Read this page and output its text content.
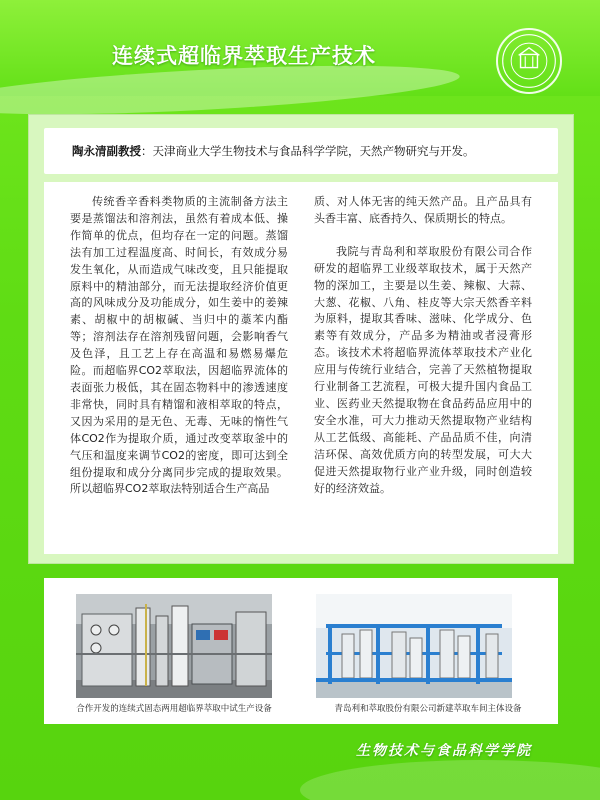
连续式超临界萃取生产技术
陶永清副教授 ：天津商业大学生物技术与食品科学学院，天然产物研究与开发。

传统香辛香料类物质的主流制备方法主要是蒸馏法和溶剂法，虽然有着成本低、操作简单的优点，但均存在一定的问题。蒸馏法有加工过程温度高、时间长，有效成分易发生氧化，从而造成气味改变，且只能提取原料中的精油部分，而无法提取经济价值更高的风味成分及功能成分，如生姜中的姜辣素、胡椒中的胡椒碱、当归中的藁苯内酯等；溶剂法存在溶剂残留问题，会影响香气及色泽，且工艺上存在高温和易燃易爆危险。而超临界CO2萃取法，因超临界流体的表面张力极低，其在固态物料中的渗透速度非常快，同时具有精馏和液相萃取的特点，又因为采用的是无色、无毒、无味的惰性气体CO2作为提取介质，通过改变萃取釜中的气压和温度来调节CO2的密度，即可达到全组份提取和成分分离同步完成的提取效果。所以超临界CO2萃取法特别适合生产高品

质、对人体无害的纯天然产品。且产品具有头香丰富、底香持久、保质期长的特点。

我院与青岛利和萃取股份有限公司合作研发的超临界工业级萃取技术，属于天然产物的深加工，主要是以生姜、辣椒、大蒜、大葱、花椒、八角、桂皮等大宗天然香辛料为原料，提取其香味、滋味、化学成分、色素等有效成分，产品多为精油或者浸膏形态。该技术术将超临界流体萃取技术产业化应用与传统行业结合，完善了天然植物提取行业制备工艺流程，可极大提升国内食品工业、医药业天然提取物在食品药品应用中的安全水准，可大力推动天然提取物产业结构从工艺低级、高能耗、产品品质不佳，向清洁环保、高效优质方向的转型发展，可大大促进天然提取物行业产业升级，同时创造较好的经济效益。

合作开发的连续式固态两用超临界萃取中试生产设备	青岛利和萃取股份有限公司新建萃取车间主体设备
生物技术与食品科学学院
